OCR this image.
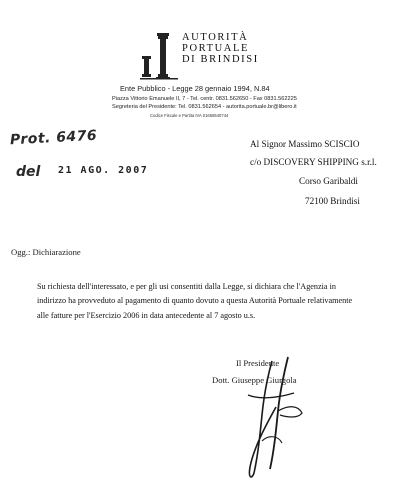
AUTORITÀ
PORTUALE
DI BRINDISI
Ente Pubblico - Legge 28 gennaio 1994, N.84
Piazza Vittorio Emanuele II, 7 - Tel. centr. 0831.562650 - Fax 0831.562225
Segreteria del Presidente: Tel. 0831.562654 - autorita.portuale.br@libero.it
Codice Fiscale e Partita IVA 01658540744
Prot. 6476
del 21 AGO. 2007
Al Signor Massimo SCISCIO
c/o DISCOVERY SHIPPING s.r.l.
Corso Garibaldi
72100 Brindisi
Ogg.: Dichiarazione
Su richiesta dell'interessato, e per gli usi consentiti dalla Legge, si dichiara che l'Agenzia in
indirizzo ha provveduto al pagamento di quanto dovuto a questa Autorità Portuale relativamente
alle fatture per l'Esercizio 2006 in data antecedente al 7 agosto u.s.
Il Presidente
Dott. Giuseppe Giurgola
